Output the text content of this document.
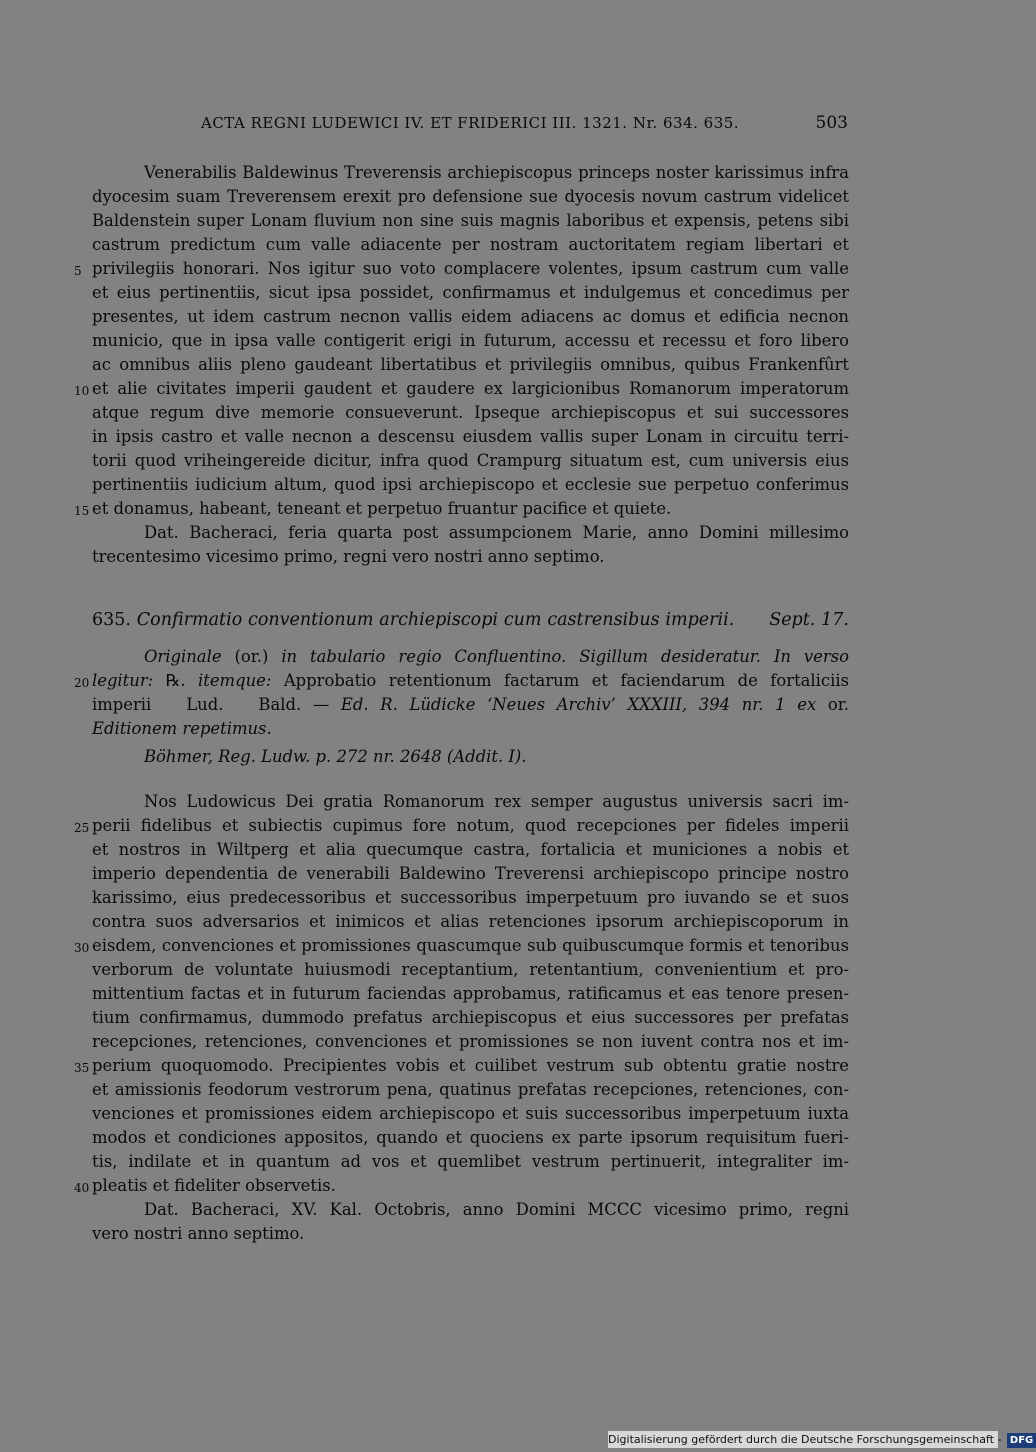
ACTA REGNI LUDEWICI IV. ET FRIDERICI III. 1321. Nr. 634. 635.	503
Venerabilis Baldewinus Treverensis archiepiscopus princeps noster karissimus infra
dyocesim suam Treverensem erexit pro defensione sue dyocesis novum castrum videlicet
Baldenstein super Lonam fluvium non sine suis magnis laboribus et expensis, petens sibi
castrum predictum cum valle adiacente per nostram auctoritatem regiam libertari et
privilegiis honorari. Nos igitur suo voto complacere volentes, ipsum castrum cum valle
5
et eius pertinentiis, sicut ipsa possidet, confirmamus et indulgemus et concedimus per
presentes, ut idem castrum necnon vallis eidem adiacens ac domus et edificia necnon
municio, que in ipsa valle contigerit erigi in futurum, accessu et recessu et foro libero
ac omnibus aliis pleno gaudeant libertatibus et privilegiis omnibus, quibus Frankenfûrt
et alie civitates imperii gaudent et gaudere ex largicionibus Romanorum imperatorum
10
atque regum dive memorie consueverunt. Ipseque archiepiscopus et sui successores
in ipsis castro et valle necnon a descensu eiusdem vallis super Lonam in circuitu terri-
torii quod vriheingereide dicitur, infra quod Crampurg situatum est, cum universis eius
pertinentiis iudicium altum, quod ipsi archiepiscopo et ecclesie sue perpetuo conferimus
et donamus, habeant, teneant et perpetuo fruantur pacifice et quiete.
15
Dat. Bacheraci, feria quarta post assumpcionem Marie, anno Domini millesimo
trecentesimo vicesimo primo, regni vero nostri anno septimo.
635. Confirmatio conventionum archiepiscopi cum castrensibus imperii. Sept. 17.
Originale (or.) in tabulario regio Confluentino. Sigillum desideratur. In verso
legitur: ℞. itemque: Approbatio retentionum factarum et faciendarum de fortaliciis
20
imperii   Lud.   Bald. — Ed. R. Lüdicke ‘Neues Archiv’ XXXIII, 394 nr. 1 ex or.
Editionem repetimus.
Böhmer, Reg. Ludw. p. 272 nr. 2648 (Addit. I).
Nos Ludowicus Dei gratia Romanorum rex semper augustus universis sacri im-
perii fidelibus et subiectis cupimus fore notum, quod recepciones per fideles imperii
25
et nostros in Wiltperg et alia quecumque castra, fortalicia et municiones a nobis et
imperio dependentia de venerabili Baldewino Treverensi archiepiscopo principe nostro
karissimo, eius predecessoribus et successoribus imperpetuum pro iuvando se et suos
contra suos adversarios et inimicos et alias retenciones ipsorum archiepiscoporum in
eisdem, convenciones et promissiones quascumque sub quibuscumque formis et tenoribus
30
verborum de voluntate huiusmodi receptantium, retentantium, convenientium et pro-
mittentium factas et in futurum faciendas approbamus, ratificamus et eas tenore presen-
tium confirmamus, dummodo prefatus archiepiscopus et eius successores per prefatas
recepciones, retenciones, convenciones et promissiones se non iuvent contra nos et im-
perium quoquomodo. Precipientes vobis et cuilibet vestrum sub obtentu gratie nostre
35
et amissionis feodorum vestrorum pena, quatinus prefatas recepciones, retenciones, con-
venciones et promissiones eidem archiepiscopo et suis successoribus imperpetuum iuxta
modos et condiciones appositos, quando et quociens ex parte ipsorum requisitum fueri-
tis, indilate et in quantum ad vos et quemlibet vestrum pertinuerit, integraliter im-
pleatis et fideliter observetis.
40
Dat. Bacheraci, XV. Kal. Octobris, anno Domini MCCC vicesimo primo, regni
vero nostri anno septimo.
Digitalisierung gefördert durch die Deutsche Forschungsgemeinschaft - DFG
